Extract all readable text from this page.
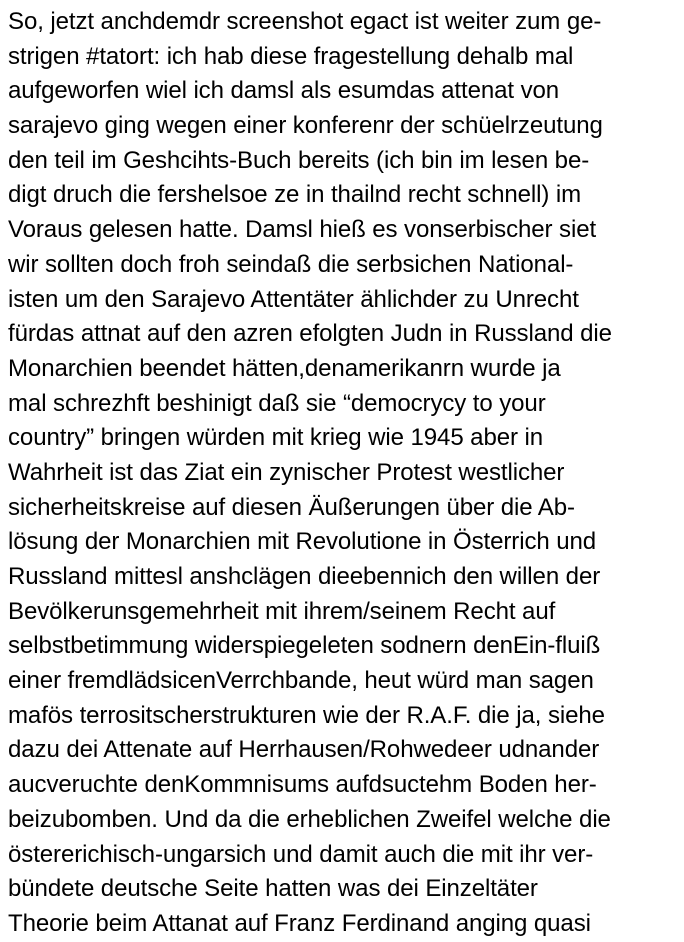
So, jetzt anchdemdr screenshot egact ist weiter zum ge-
strigen #tatort: ich hab diese fragestellung dehalb mal
aufgeworfen wiel ich damsl als esumdas attenat von
sarajevo ging wegen einer konferenr der schüelrzeutung
den teil im Geshcihts-Buch bereits (ich bin im lesen be-
digt druch die fershelsoe ze in thailnd recht schnell) im
Voraus gelesen hatte. Damsl hieß es vonserbischer siet
wir sollten doch froh seindaß die serbsichen National-
isten um den Sarajevo Attentäter ählichder zu Unrecht
fürdas attnat auf den azren efolgten Judn in Russland die
Monarchien beendet hätten,denamerikanrn wurde ja
mal schrezhft beshinigt daß sie “democrycy to your
country” bringen würden mit krieg wie 1945 aber in
Wahrheit ist das Ziat ein zynischer Protest westlicher
sicherheitskreise auf diesen Äußerungen über die Ab-
lösung der Monarchien mit Revolutione in Österrich und
Russland mittesl anshclägen dieebennich den willen der
Bevölkerunsgemehrheit mit ihrem/seinem Recht auf
selbstbetimmung widerspiegeleten sodnern denEin-fluiß
einer fremdlädsicenVerrchbande, heut würd man sagen
mafös terrositscherstrukturen wie der R.A.F. die ja, siehe
dazu dei Attenate auf Herrhausen/Rohwedeer udnander
aucveruchte denKommnisums aufdsuctehm Boden her-
beizubomben. Und da die erheblichen Zweifel welche die
östererichisch-ungarsich und damit auch die mit ihr ver-
bündete deutsche Seite hatten was dei Einzeltäter
Theorie beim Attanat auf Franz Ferdinand anging quasi
